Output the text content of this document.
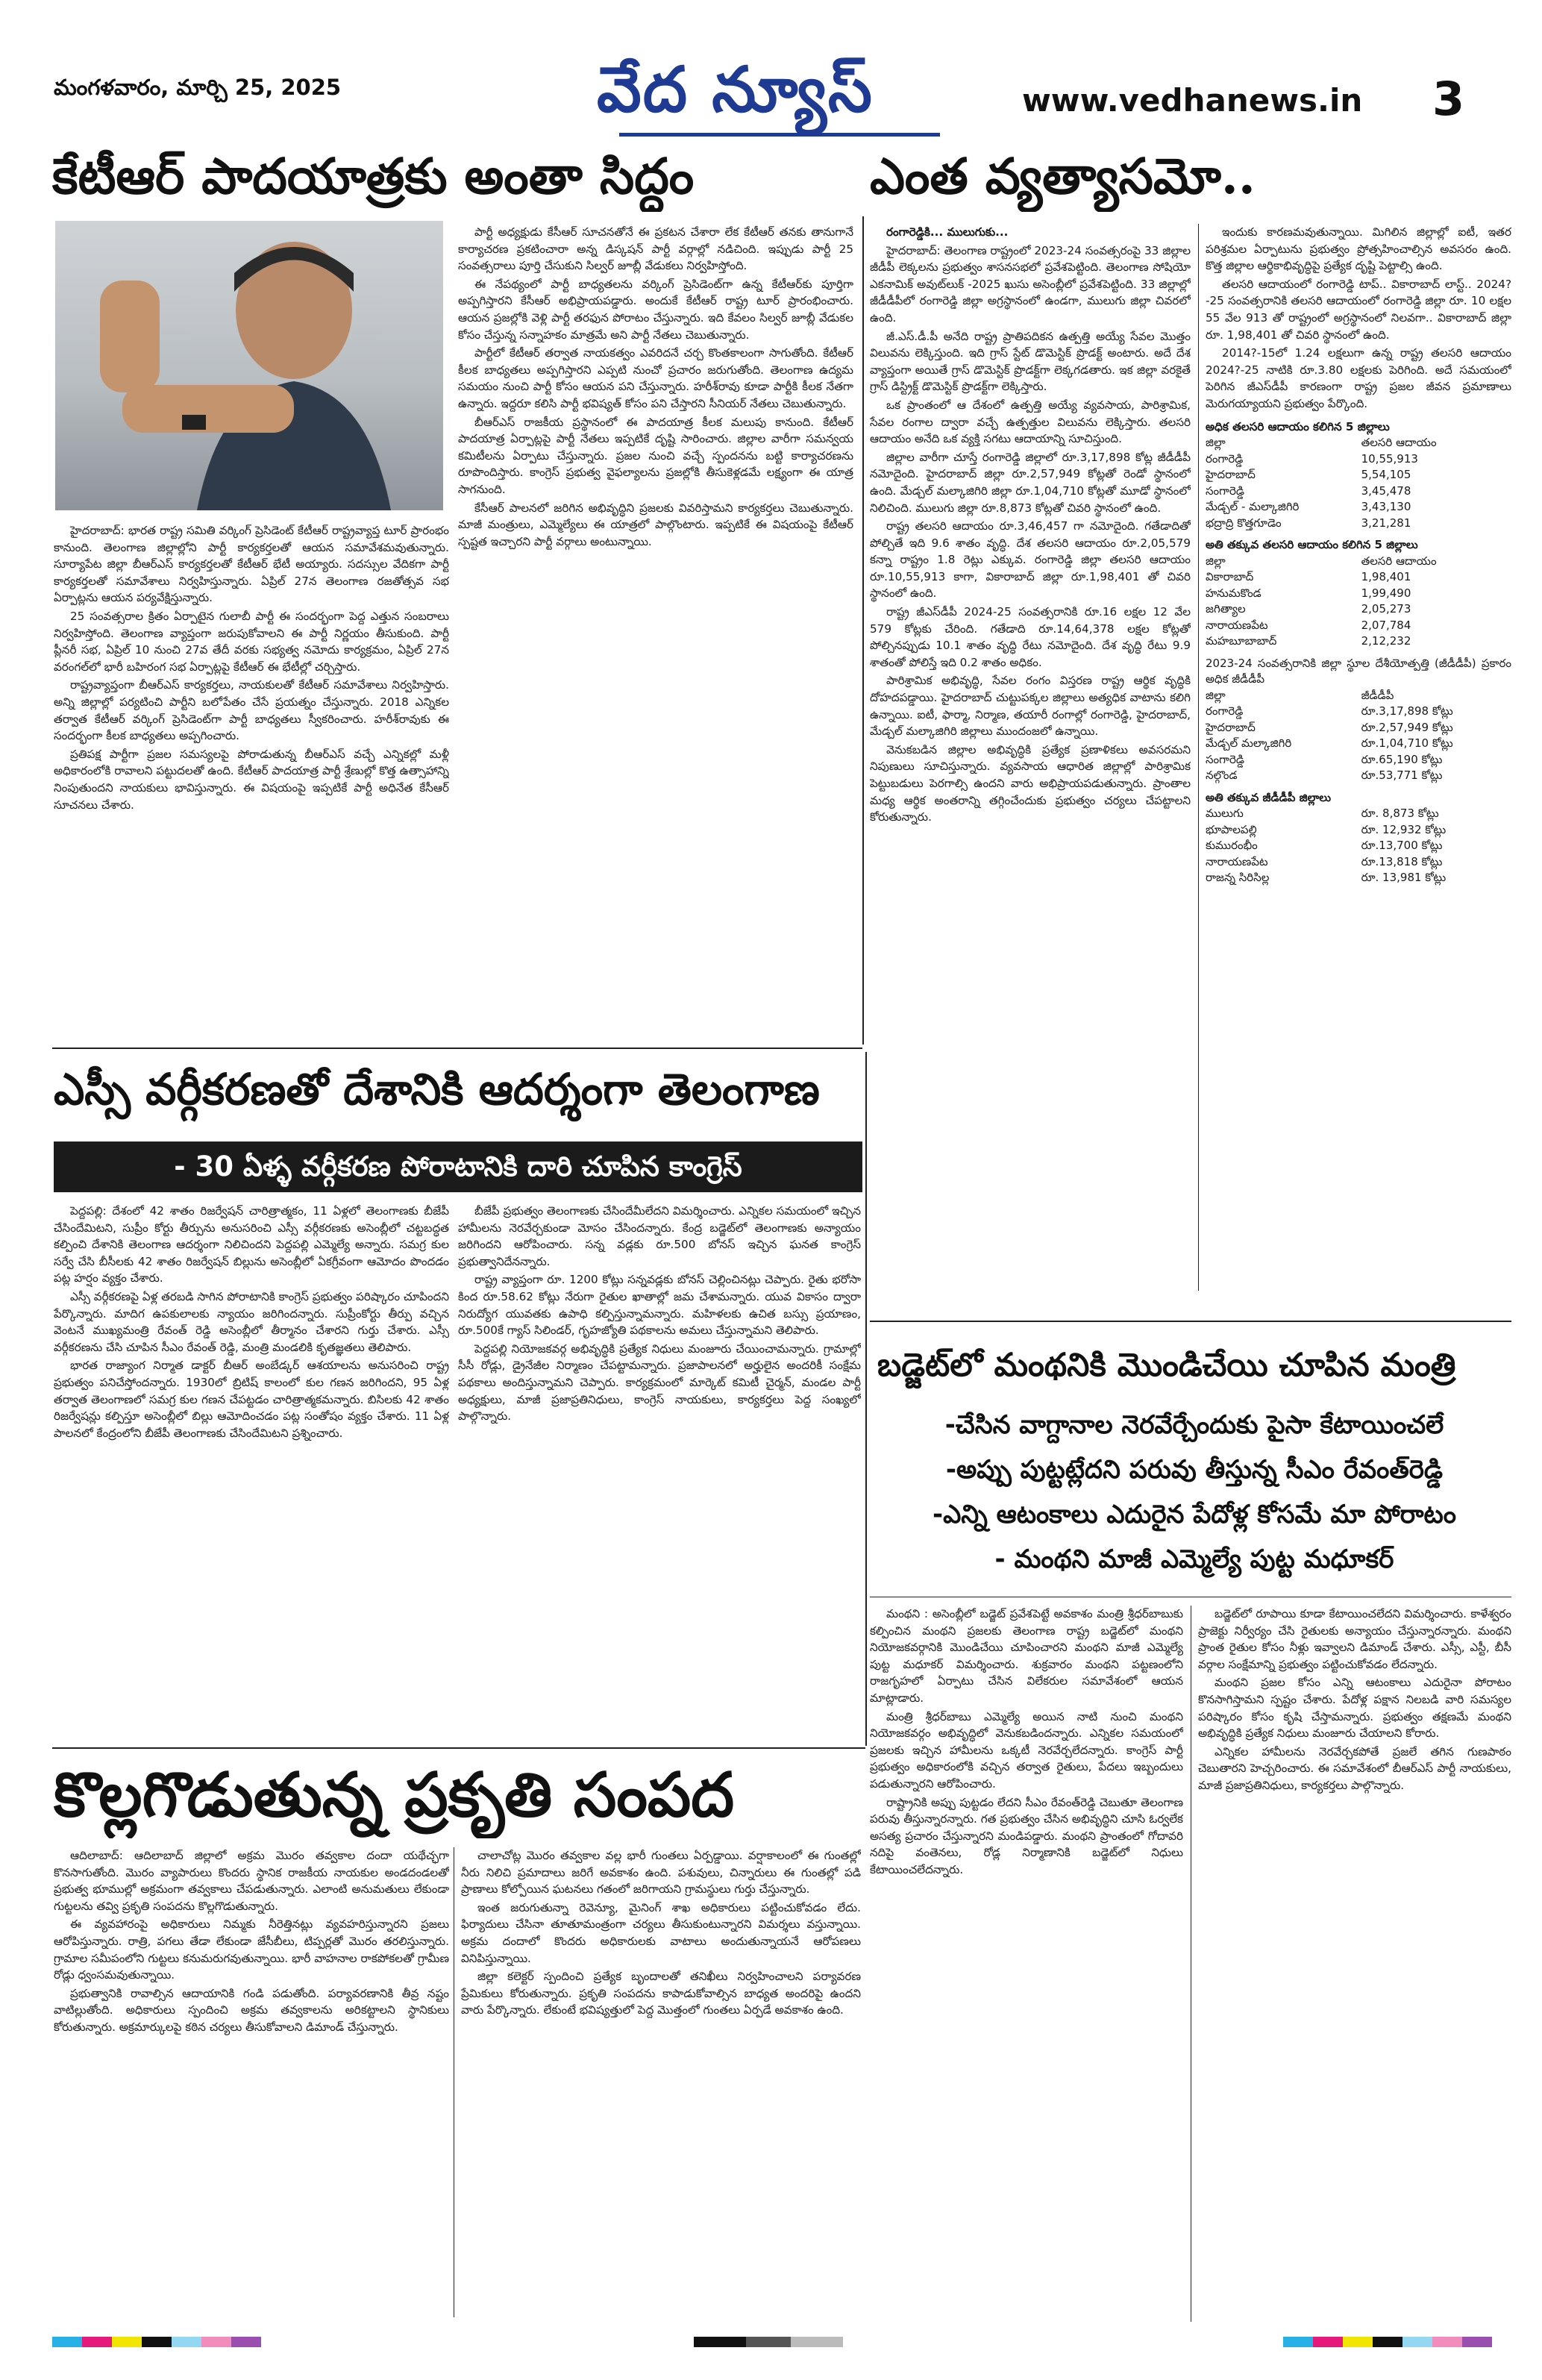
మంగళవారం, మార్చి 25, 2025	వేద న్యూస్	www.vedhanews.in 3
కేటీఆర్ పాదయాత్రకు అంతా సిద్ధం

హైదరాబాద్: భారత రాష్ట్ర సమితి వర్కింగ్ ప్రెసిడెంట్ కేటీఆర్ రాష్ట్రవ్యాప్త టూర్ ప్రారంభం కానుంది. తెలంగాణ జిల్లాల్లోని పార్టీ కార్యకర్తలతో ఆయన సమావేశమవుతున్నారు. సూర్యాపేట జిల్లా బీఆర్ఎస్ కార్యకర్తలతో కేటీఆర్ భేటీ అయ్యారు. సదస్సుల వేదికగా పార్టీ కార్యకర్తలతో సమావేశాలు నిర్వహిస్తున్నారు. ఏప్రిల్ 27న తెలంగాణ రజతోత్సవ సభ ఏర్పాట్లను ఆయన పర్యవేక్షిస్తున్నారు.

25 సంవత్సరాల క్రితం ఏర్పాటైన గులాబీ పార్టీ ఈ సందర్భంగా పెద్ద ఎత్తున సంబరాలు నిర్వహిస్తోంది. తెలంగాణ వ్యాప్తంగా జరుపుకోవాలని ఈ పార్టీ నిర్ణయం తీసుకుంది. పార్టీ ప్లీనరీ సభ, ఏప్రిల్ 10 నుంచి 27వ తేదీ వరకు సభ్యత్వ నమోదు కార్యక్రమం, ఏప్రిల్ 27న వరంగల్‌లో భారీ బహిరంగ సభ ఏర్పాట్లపై కేటీఆర్ ఈ భేటీల్లో చర్చిస్తారు.

రాష్ట్రవ్యాప్తంగా బీఆర్ఎస్ కార్యకర్తలు, నాయకులతో కేటీఆర్ సమావేశాలు నిర్వహిస్తారు. అన్ని జిల్లాల్లో పర్యటించి పార్టీని బలోపేతం చేసే ప్రయత్నం చేస్తున్నారు. 2018 ఎన్నికల తర్వాత కేటీఆర్ వర్కింగ్ ప్రెసిడెంట్‌గా పార్టీ బాధ్యతలు స్వీకరించారు. హరీశ్‌రావుకు ఈ సందర్భంగా కీలక బాధ్యతలు అప్పగించారు.

ప్రతిపక్ష పార్టీగా ప్రజల సమస్యలపై పోరాడుతున్న బీఆర్ఎస్ వచ్చే ఎన్నికల్లో మళ్లీ అధికారంలోకి రావాలని పట్టుదలతో ఉంది. కేటీఆర్ పాదయాత్ర పార్టీ శ్రేణుల్లో కొత్త ఉత్సాహాన్ని నింపుతుందని నాయకులు భావిస్తున్నారు. ఈ విషయంపై ఇప్పటికే పార్టీ అధినేత కేసీఆర్ సూచనలు చేశారు.

పార్టీ అధ్యక్షుడు కేసీఆర్ సూచనతోనే ఈ ప్రకటన చేశారా లేక కేటీఆర్ తనకు తానుగానే కార్యాచరణ ప్రకటించారా అన్న డిస్కషన్ పార్టీ వర్గాల్లో నడిచింది. ఇప్పుడు పార్టీ 25 సంవత్సరాలు పూర్తి చేసుకుని సిల్వర్ జూబ్లీ వేడుకలు నిర్వహిస్తోంది.

ఈ నేపథ్యంలో పార్టీ బాధ్యతలను వర్కింగ్ ప్రెసిడెంట్‌గా ఉన్న కేటీఆర్‌కు పూర్తిగా అప్పగిస్తారని కేసీఆర్ అభిప్రాయపడ్డారు. అందుకే కేటీఆర్ రాష్ట్ర టూర్ ప్రారంభించారు. ఆయన ప్రజల్లోకి వెళ్లి పార్టీ తరఫున పోరాటం చేస్తున్నారు. ఇది కేవలం సిల్వర్ జూబ్లీ వేడుకల కోసం చేస్తున్న సన్నాహకం మాత్రమే అని పార్టీ నేతలు చెబుతున్నారు.

పార్టీలో కేటీఆర్ తర్వాత నాయకత్వం ఎవరిదనే చర్చ కొంతకాలంగా సాగుతోంది. కేటీఆర్ కీలక బాధ్యతలు అప్పగిస్తారని ఎప్పటి నుంచో ప్రచారం జరుగుతోంది. తెలంగాణ ఉద్యమ సమయం నుంచి పార్టీ కోసం ఆయన పని చేస్తున్నారు. హరీశ్‌రావు కూడా పార్టీకి కీలక నేతగా ఉన్నారు. ఇద్దరూ కలిసి పార్టీ భవిష్యత్‌ కోసం పని చేస్తారని సీనియర్ నేతలు చెబుతున్నారు.

బీఆర్ఎస్ రాజకీయ ప్రస్థానంలో ఈ పాదయాత్ర కీలక మలుపు కానుంది. కేటీఆర్ పాదయాత్ర ఏర్పాట్లపై పార్టీ నేతలు ఇప్పటికే దృష్టి సారించారు. జిల్లాల వారీగా సమన్వయ కమిటీలను ఏర్పాటు చేస్తున్నారు. ప్రజల నుంచి వచ్చే స్పందనను బట్టి కార్యాచరణను రూపొందిస్తారు. కాంగ్రెస్ ప్రభుత్వ వైఫల్యాలను ప్రజల్లోకి తీసుకెళ్లడమే లక్ష్యంగా ఈ యాత్ర సాగనుంది.

కేసీఆర్ పాలనలో జరిగిన అభివృద్ధిని ప్రజలకు వివరిస్తామని కార్యకర్తలు చెబుతున్నారు. మాజీ మంత్రులు, ఎమ్మెల్యేలు ఈ యాత్రలో పాల్గొంటారు. ఇప్పటికే ఈ విషయంపై కేటీఆర్ స్పష్టత ఇచ్చారని పార్టీ వర్గాలు అంటున్నాయి.

ఎంత వ్యత్యాసమో..

రంగారెడ్డికి... ములుగుకు...

హైదరాబాద్: తెలంగాణ రాష్ట్రంలో 2023-24 సంవత్సరంపై 33 జిల్లాల జీడీపీ లెక్కలను ప్రభుత్వం శాసనసభలో ప్రవేశపెట్టింది. తెలంగాణ సోషియో ఎకనామిక్ అవుట్‌లుక్ -2025 ఖుసు అసెంబ్లీలో ప్రవేశపెట్టింది. 33 జిల్లాల్లో జీడీడీపీలో రంగారెడ్డి జిల్లా అగ్రస్థానంలో ఉండగా, ములుగు జిల్లా చివరలో ఉంది.

జీ.ఎస్.డీ.పీ అనేది రాష్ట్ర ప్రాతిపదికన ఉత్పత్తి అయ్యే సేవల మొత్తం విలువను లెక్కిస్తుంది. ఇది గ్రాస్ స్టేట్ డొమెస్టిక్ ప్రొడక్ట్ అంటారు. అదే దేశ వ్యాప్తంగా అయితే గ్రాస్ డొమెస్టిక్ ప్రొడక్ట్‌గా లెక్కగడతారు. ఇక జిల్లా వరకైతే గ్రాస్ డిస్ట్రిక్ట్ డొమెస్టిక్ ప్రొడక్ట్‌గా లెక్కిస్తారు.

ఒక ప్రాంతంలో ఆ దేశంలో ఉత్పత్తి అయ్యే వ్యవసాయ, పారిశ్రామిక, సేవల రంగాల ద్వారా వచ్చే ఉత్పత్తుల విలువను లెక్కిస్తారు. తలసరి ఆదాయం అనేది ఒక వ్యక్తి సగటు ఆదాయాన్ని సూచిస్తుంది.

జిల్లాల వారీగా చూస్తే రంగారెడ్డి జిల్లాలో రూ.3,17,898 కోట్ల జీడీడీపీ నమోదైంది. హైదరాబాద్ జిల్లా రూ.2,57,949 కోట్లతో రెండో స్థానంలో ఉంది. మేడ్చల్ మల్కాజిగిరి జిల్లా రూ.1,04,710 కోట్లతో మూడో స్థానంలో నిలిచింది. ములుగు జిల్లా రూ.8,873 కోట్లతో చివరి స్థానంలో ఉంది.

రాష్ట్ర తలసరి ఆదాయం రూ.3,46,457 గా నమోదైంది. గతేడాదితో పోల్చితే ఇది 9.6 శాతం వృద్ధి. దేశ తలసరి ఆదాయం రూ.2,05,579 కన్నా రాష్ట్రం 1.8 రెట్లు ఎక్కువ. రంగారెడ్డి జిల్లా తలసరి ఆదాయం రూ.10,55,913 కాగా, వికారాబాద్ జిల్లా రూ.1,98,401 తో చివరి స్థానంలో ఉంది.

రాష్ట్ర జీఎస్‌డీపీ 2024-25 సంవత్సరానికి రూ.16 లక్షల 12 వేల 579 కోట్లకు చేరింది. గతేడాది రూ.14,64,378 లక్షల కోట్లతో పోల్చినప్పుడు 10.1 శాతం వృద్ధి రేటు నమోదైంది. దేశ వృద్ధి రేటు 9.9 శాతంతో పోలిస్తే ఇది 0.2 శాతం అధికం.

పారిశ్రామిక అభివృద్ధి, సేవల రంగం విస్తరణ రాష్ట్ర ఆర్థిక వృద్ధికి దోహదపడ్డాయి. హైదరాబాద్ చుట్టుపక్కల జిల్లాలు అత్యధిక వాటాను కలిగి ఉన్నాయి. ఐటీ, ఫార్మా, నిర్మాణ, తయారీ రంగాల్లో రంగారెడ్డి, హైదరాబాద్, మేడ్చల్ మల్కాజిగిరి జిల్లాలు ముందంజలో ఉన్నాయి.

వెనుకబడిన జిల్లాల అభివృద్ధికి ప్రత్యేక ప్రణాళికలు అవసరమని నిపుణులు సూచిస్తున్నారు. వ్యవసాయ ఆధారిత జిల్లాల్లో పారిశ్రామిక పెట్టుబడులు పెరగాల్సి ఉందని వారు అభిప్రాయపడుతున్నారు. ప్రాంతాల మధ్య ఆర్థిక అంతరాన్ని తగ్గించేందుకు ప్రభుత్వం చర్యలు చేపట్టాలని కోరుతున్నారు.

ఇందుకు కారణమవుతున్నాయి. మిగిలిన జిల్లాల్లో ఐటీ, ఇతర పరిశ్రమల ఏర్పాటును ప్రభుత్వం ప్రోత్సహించాల్సిన అవసరం ఉంది. కొత్త జిల్లాల ఆర్థికాభివృద్ధిపై ప్రత్యేక దృష్టి పెట్టాల్సి ఉంది.

తలసరి ఆదాయంలో రంగారెడ్డి టాప్.. వికారాబాద్ లాస్ట్.. 2024?-25 సంవత్సరానికి తలసరి ఆదాయంలో రంగారెడ్డి జిల్లా రూ. 10 లక్షల 55 వేల 913 తో రాష్ట్రంలో అగ్రస్థానంలో నిలవగా.. వికారాబాద్ జిల్లా రూ. 1,98,401 తో చివరి స్థానంలో ఉంది.

2014?-15లో 1.24 లక్షలుగా ఉన్న రాష్ట్ర తలసరి ఆదాయం 2024?-25 నాటికి రూ.3.80 లక్షలకు పెరిగింది. అదే సమయంలో పెరిగిన జీఎస్‌డీపీ కారణంగా రాష్ట్ర ప్రజల జీవన ప్రమాణాలు మెరుగయ్యాయని ప్రభుత్వం పేర్కొంది.

అధిక తలసరి ఆదాయం కలిగిన 5 జిల్లాలు
జిల్లా	తలసరి ఆదాయం
రంగారెడ్డి	10,55,913
హైదరాబాద్	5,54,105
సంగారెడ్డి	3,45,478
మేడ్చల్ - మల్కాజిగిరి	3,43,130
భద్రాద్రి కొత్తగూడెం	3,21,281
అతి తక్కువ తలసరి ఆదాయం కలిగిన 5 జిల్లాలు	
జిల్లా	తలసరి ఆదాయం
వికారాబాద్	1,98,401
హనుమకొండ	1,99,490
జగిత్యాల	2,05,273
నారాయణపేట	2,07,784
మహబూబాబాద్	2,12,232
2023-24 సంవత్సరానికి జిల్లా స్థూల దేశీయోత్పత్తి (జీడీడీపీ) ప్రకారం అధిక జీడీడీపీ	
జిల్లా	జీడీడీపీ
రంగారెడ్డి	రూ.3,17,898 కోట్లు
హైదరాబాద్	రూ.2,57,949 కోట్లు
మేడ్చల్ మల్కాజిగిరి	రూ.1,04,710 కోట్లు
సంగారెడ్డి	రూ.65,190 కోట్లు
నల్గొండ	రూ.53,771 కోట్లు
అతి తక్కువ జీడీడీపీ జిల్లాలు	
ములుగు	రూ. 8,873 కోట్లు
భూపాలపల్లి	రూ. 12,932 కోట్లు
కుమురంభీం	రూ.13,700 కోట్లు
నారాయణపేట	రూ.13,818 కోట్లు
రాజన్న సిరిసిల్ల	రూ. 13,981 కోట్లు
ఎస్సీ వర్గీకరణతో దేశానికి ఆదర్శంగా తెలంగాణ
- 30 ఏళ్ళ వర్గీకరణ పోరాటానికి దారి చూపిన కాంగ్రెస్

పెద్దపల్లి: దేశంలో 42 శాతం రిజర్వేషన్ చారిత్రాత్మకం, 11 ఏళ్లలో తెలంగాణకు బీజేపీ చేసిందేమిటని, సుప్రీం కోర్టు తీర్పును అనుసరించి ఎస్సీ వర్గీకరణకు అసెంబ్లీలో చట్టబద్ధత కల్పించి దేశానికి తెలంగాణ ఆదర్శంగా నిలిచిందని పెద్దపల్లి ఎమ్మెల్యే అన్నారు. సమగ్ర కుల సర్వే చేసి బీసీలకు 42 శాతం రిజర్వేషన్ బిల్లును అసెంబ్లీలో ఏకగ్రీవంగా ఆమోదం పొందడం పట్ల హర్షం వ్యక్తం చేశారు.

ఎస్సీ వర్గీకరణపై ఏళ్ల తరబడి సాగిన పోరాటానికి కాంగ్రెస్ ప్రభుత్వం పరిష్కారం చూపిందని పేర్కొన్నారు. మాదిగ ఉపకులాలకు న్యాయం జరిగిందన్నారు. సుప్రీంకోర్టు తీర్పు వచ్చిన వెంటనే ముఖ్యమంత్రి రేవంత్ రెడ్డి అసెంబ్లీలో తీర్మానం చేశారని గుర్తు చేశారు. ఎస్సీ వర్గీకరణను చేసి చూపిన సీఎం రేవంత్ రెడ్డి, మంత్రి మండలికి కృతజ్ఞతలు తెలిపారు.

భారత రాజ్యాంగ నిర్మాత డాక్టర్ బీఆర్ అంబేడ్కర్ ఆశయాలను అనుసరించి రాష్ట్ర ప్రభుత్వం పనిచేస్తోందన్నారు. 1930లో బ్రిటిష్ కాలంలో కుల గణన జరిగిందని, 95 ఏళ్ల తర్వాత తెలంగాణలో సమగ్ర కుల గణన చేపట్టడం చారిత్రాత్మకమన్నారు. బిసిలకు 42 శాతం రిజర్వేషన్లు కల్పిస్తూ అసెంబ్లీలో బిల్లు ఆమోదించడం పట్ల సంతోషం వ్యక్తం చేశారు. 11 ఏళ్ల పాలనలో కేంద్రంలోని బీజేపీ తెలంగాణకు చేసిందేమిటని ప్రశ్నించారు.

బీజేపీ ప్రభుత్వం తెలంగాణకు చేసిందేమీలేదని విమర్శించారు. ఎన్నికల సమయంలో ఇచ్చిన హామీలను నెరవేర్చకుండా మోసం చేసిందన్నారు. కేంద్ర బడ్జెట్‌లో తెలంగాణకు అన్యాయం జరిగిందని ఆరోపించారు. సన్న వడ్లకు రూ.500 బోనస్ ఇచ్చిన ఘనత కాంగ్రెస్ ప్రభుత్వానిదేనన్నారు.

రాష్ట్ర వ్యాప్తంగా రూ. 1200 కోట్లు సన్నవడ్లకు బోనస్ చెల్లించినట్లు చెప్పారు. రైతు భరోసా కింద రూ.58.62 కోట్లు నేరుగా రైతుల ఖాతాల్లో జమ చేశామన్నారు. యువ వికాసం ద్వారా నిరుద్యోగ యువతకు ఉపాధి కల్పిస్తున్నామన్నారు. మహిళలకు ఉచిత బస్సు ప్రయాణం, రూ.500కే గ్యాస్ సిలిండర్, గృహజ్యోతి పథకాలను అమలు చేస్తున్నామని తెలిపారు.

పెద్దపల్లి నియోజకవర్గ అభివృద్ధికి ప్రత్యేక నిధులు మంజూరు చేయించామన్నారు. గ్రామాల్లో సీసీ రోడ్లు, డ్రైనేజీల నిర్మాణం చేపట్టామన్నారు. ప్రజాపాలనలో అర్హులైన అందరికీ సంక్షేమ పథకాలు అందిస్తున్నామని చెప్పారు. కార్యక్రమంలో మార్కెట్ కమిటీ చైర్మన్, మండల పార్టీ అధ్యక్షులు, మాజీ ప్రజాప్రతినిధులు, కాంగ్రెస్ నాయకులు, కార్యకర్తలు పెద్ద సంఖ్యలో పాల్గొన్నారు.

బడ్జెట్‌లో మంథనికి మొండిచేయి చూపిన మంత్రి
-చేసిన వాగ్దానాల నెరవేర్చేందుకు పైసా కేటాయించలే
-అప్పు పుట్టట్లేదని పరువు తీస్తున్న సీఎం రేవంత్‌రెడ్డి
-ఎన్ని ఆటంకాలు ఎదురైన పేదోళ్ల కోసమే మా పోరాటం
- మంథని మాజీ ఎమ్మెల్యే పుట్ట మధూకర్

మంథని : అసెంబ్లీలో బడ్జెట్ ప్రవేశపెట్టే అవకాశం మంత్రి శ్రీధర్‌బాబుకు కల్పించిన మంథని ప్రజలకు తెలంగాణ రాష్ట్ర బడ్జెట్‌లో మంథని నియోజకవర్గానికి మొండిచేయి చూపించారని మంథని మాజీ ఎమ్మెల్యే పుట్ట మధూకర్ విమర్శించారు. శుక్రవారం మంథని పట్టణంలోని రాజగృహలో ఏర్పాటు చేసిన విలేకరుల సమావేశంలో ఆయన మాట్లాడారు.

మంత్రి శ్రీధర్‌బాబు ఎమ్మెల్యే అయిన నాటి నుంచి మంథని నియోజకవర్గం అభివృద్ధిలో వెనుకబడిందన్నారు. ఎన్నికల సమయంలో ప్రజలకు ఇచ్చిన హామీలను ఒక్కటీ నెరవేర్చలేదన్నారు. కాంగ్రెస్ పార్టీ ప్రభుత్వం అధికారంలోకి వచ్చిన తర్వాత రైతులు, పేదలు ఇబ్బందులు పడుతున్నారని ఆరోపించారు.

రాష్ట్రానికి అప్పు పుట్టడం లేదని సీఎం రేవంత్‌రెడ్డి చెబుతూ తెలంగాణ పరువు తీస్తున్నారన్నారు. గత ప్రభుత్వం చేసిన అభివృద్ధిని చూసి ఓర్వలేక అసత్య ప్రచారం చేస్తున్నారని మండిపడ్డారు. మంథని ప్రాంతంలో గోదావరి నదిపై వంతెనలు, రోడ్ల నిర్మాణానికి బడ్జెట్‌లో నిధులు కేటాయించలేదన్నారు.

బడ్జెట్‌లో రూపాయి కూడా కేటాయించలేదని విమర్శించారు. కాళేశ్వరం ప్రాజెక్టు నిర్వీర్యం చేసి రైతులకు అన్యాయం చేస్తున్నారన్నారు. మంథని ప్రాంత రైతుల కోసం నీళ్లు ఇవ్వాలని డిమాండ్ చేశారు. ఎస్సీ, ఎస్టీ, బీసీ వర్గాల సంక్షేమాన్ని ప్రభుత్వం పట్టించుకోవడం లేదన్నారు.

మంథని ప్రజల కోసం ఎన్ని ఆటంకాలు ఎదురైనా పోరాటం కొనసాగిస్తామని స్పష్టం చేశారు. పేదోళ్ల పక్షాన నిలబడి వారి సమస్యల పరిష్కారం కోసం కృషి చేస్తామన్నారు. ప్రభుత్వం తక్షణమే మంథని అభివృద్ధికి ప్రత్యేక నిధులు మంజూరు చేయాలని కోరారు.

ఎన్నికల హామీలను నెరవేర్చకపోతే ప్రజలే తగిన గుణపాఠం చెబుతారని హెచ్చరించారు. ఈ సమావేశంలో బీఆర్ఎస్ పార్టీ నాయకులు, మాజీ ప్రజాప్రతినిధులు, కార్యకర్తలు పాల్గొన్నారు.

కొల్లగొడుతున్న ప్రకృతి సంపద

ఆదిలాబాద్: ఆదిలాబాద్ జిల్లాలో అక్రమ మొరం తవ్వకాల దందా యథేచ్ఛగా కొనసాగుతోంది. మొరం వ్యాపారులు కొందరు స్థానిక రాజకీయ నాయకుల అండదండలతో ప్రభుత్వ భూముల్లో అక్రమంగా తవ్వకాలు చేపడుతున్నారు. ఎలాంటి అనుమతులు లేకుండా గుట్టలను తవ్వి ప్రకృతి సంపదను కొల్లగొడుతున్నారు.

ఈ వ్యవహారంపై అధికారులు నిమ్మకు నీరెత్తినట్లు వ్యవహరిస్తున్నారని ప్రజలు ఆరోపిస్తున్నారు. రాత్రి, పగలు తేడా లేకుండా జేసీబీలు, టిప్పర్లతో మొరం తరలిస్తున్నారు. గ్రామాల సమీపంలోని గుట్టలు కనుమరుగవుతున్నాయి. భారీ వాహనాల రాకపోకలతో గ్రామీణ రోడ్లు ధ్వంసమవుతున్నాయి.

ప్రభుత్వానికి రావాల్సిన ఆదాయానికి గండి పడుతోంది. పర్యావరణానికి తీవ్ర నష్టం వాటిల్లుతోంది. అధికారులు స్పందించి అక్రమ తవ్వకాలను అరికట్టాలని స్థానికులు కోరుతున్నారు. అక్రమార్కులపై కఠిన చర్యలు తీసుకోవాలని డిమాండ్ చేస్తున్నారు.

చాలాచోట్ల మొరం తవ్వకాల వల్ల భారీ గుంతలు ఏర్పడ్డాయి. వర్షాకాలంలో ఈ గుంతల్లో నీరు నిలిచి ప్రమాదాలు జరిగే అవకాశం ఉంది. పశువులు, చిన్నారులు ఈ గుంతల్లో పడి ప్రాణాలు కోల్పోయిన ఘటనలు గతంలో జరిగాయని గ్రామస్థులు గుర్తు చేస్తున్నారు.

ఇంత జరుగుతున్నా రెవెన్యూ, మైనింగ్ శాఖ అధికారులు పట్టించుకోవడం లేదు. ఫిర్యాదులు చేసినా తూతూమంత్రంగా చర్యలు తీసుకుంటున్నారని విమర్శలు వస్తున్నాయి. అక్రమ దందాలో కొందరు అధికారులకు వాటాలు అందుతున్నాయనే ఆరోపణలు వినిపిస్తున్నాయి.

జిల్లా కలెక్టర్ స్పందించి ప్రత్యేక బృందాలతో తనిఖీలు నిర్వహించాలని పర్యావరణ ప్రేమికులు కోరుతున్నారు. ప్రకృతి సంపదను కాపాడుకోవాల్సిన బాధ్యత అందరిపై ఉందని వారు పేర్కొన్నారు. లేకుంటే భవిష్యత్తులో పెద్ద మొత్తంలో గుంతలు ఏర్పడే అవకాశం ఉంది.
